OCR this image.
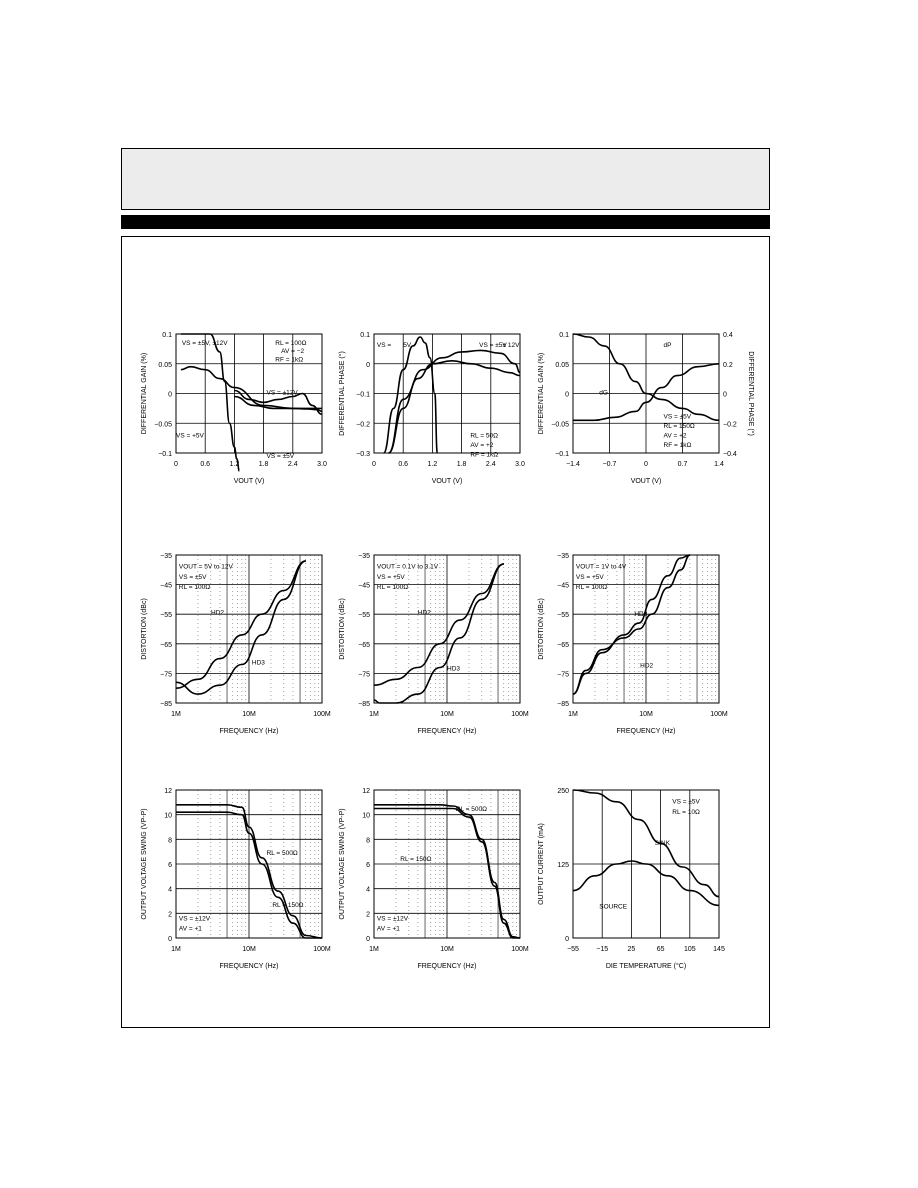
−0.1
−0.05
0
0.05
0.1
0	0.6	1.2	1.8	2.4	3.0
DIFFERENTIAL GAIN (%)
VOUT (V)
VS = ±5V, ±12V	RL = 100Ω
AV = −2
RF = 1kΩ
VS = ±12V
VS = +5V
VS = ±5V	−0.3
−0.2
−0.1
0
0.1
0	0.6	1.2	1.8	2.4	3.0
DIFFERENTIAL PHASE (°)
VOUT (V)
VS = 5V	VS = ±5V
± 12V
RL = 50Ω
AV = +2
RF = 1kΩ	−0.1
−0.05
0
0.05
0.1
−1.4	−0.7	0	0.7	1.4
−0.4
−0.2
0
0.2
0.4
DIFFERENTIAL PHASE (°)
DIFFERENTIAL GAIN (%)
VOUT (V)
dP
dG
VS = ±5V
RL = 150Ω
AV = +2
RF = 1kΩ
−85
−75
−65
−55
−45
−35
1M	10M	100M
DISTORTION (dBc)
FREQUENCY (Hz)
VOUT = 5V to 12V
VS = ±5V
RL = 100Ω
HD2
HD3
−85
−75
−65
−55
−45
−35
1M	10M	100M
DISTORTION (dBc)
FREQUENCY (Hz)
VOUT = 0.1V to 3.1V
VS = +5V
RL = 100Ω
HD2
HD3
−85
−75
−65
−55
−45
−35
1M	10M	100M
DISTORTION (dBc)
FREQUENCY (Hz)
VOUT = 1V to 4V
VS = +5V
RL = 100Ω
HD3
HD2
0
2
4
6
8
10
12
1M	10M	100M
OUTPUT VOLTAGE SWING (VP-P)
FREQUENCY (Hz)
RL = 500Ω
RL = 150Ω
VS = ±12V
AV = +1
0
2
4
6
8
10
12
1M	10M	100M
OUTPUT VOLTAGE SWING (VP-P)
FREQUENCY (Hz)
RL = 500Ω
RL = 150Ω
VS = ±12V
AV = +1
0
125
250
−55 −15	25	65	105	145
OUTPUT CURRENT (mA)
DIE TEMPERATURE (°C)
VS = ±5V
RL = 10Ω
SINK
SOURCE
